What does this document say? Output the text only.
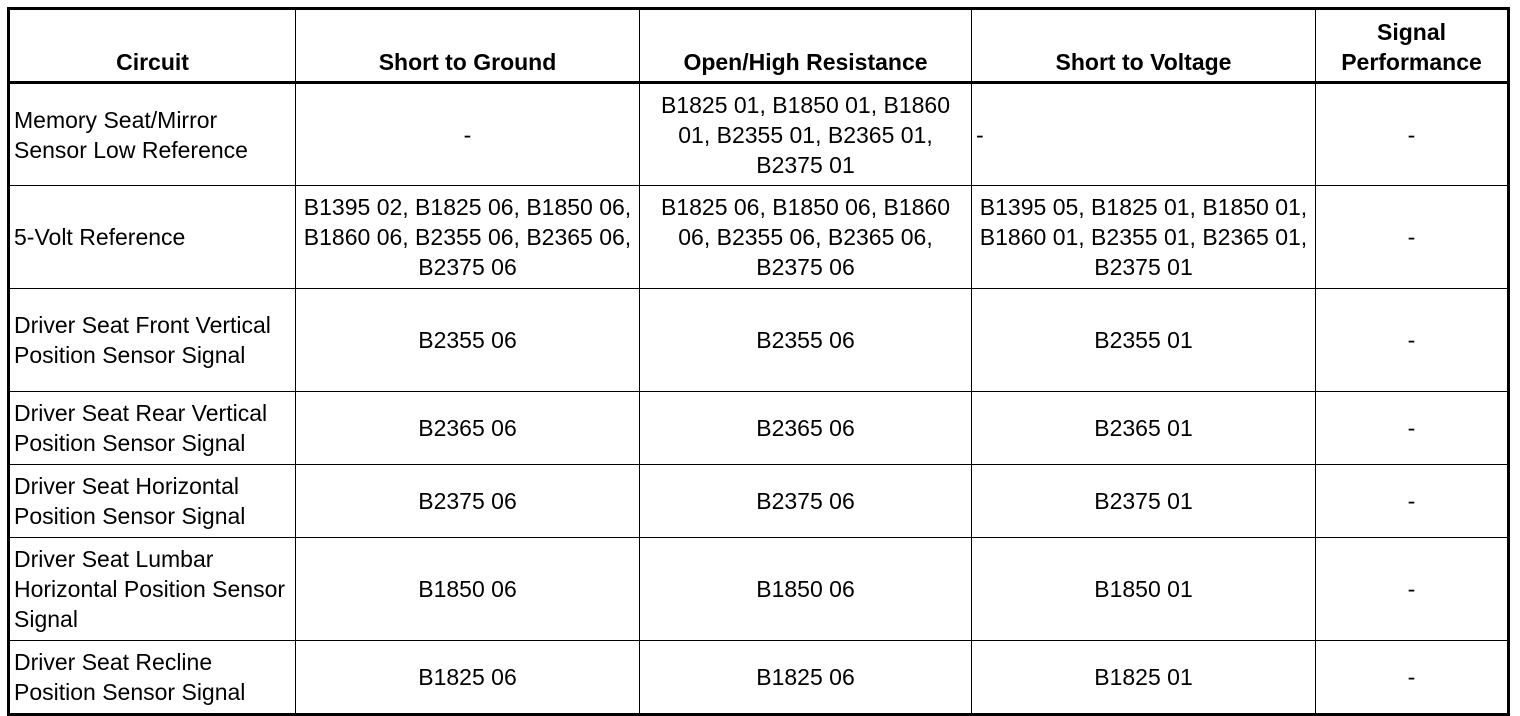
Circuit	Short to Ground	Open/High Resistance	Short to Voltage	Signal Performance
Memory Seat/Mirror Sensor Low Reference	-	B1825 01, B1850 01, B1860 01, B2355 01, B2365 01, B2375 01	-	-
5-Volt Reference	B1395 02, B1825 06, B1850 06, B1860 06, B2355 06, B2365 06, B2375 06	B1825 06, B1850 06, B1860 06, B2355 06, B2365 06, B2375 06	B1395 05, B1825 01, B1850 01, B1860 01, B2355 01, B2365 01, B2375 01	-
Driver Seat Front Vertical Position Sensor Signal	B2355 06	B2355 06	B2355 01	-
Driver Seat Rear Vertical Position Sensor Signal	B2365 06	B2365 06	B2365 01	-
Driver Seat Horizontal Position Sensor Signal	B2375 06	B2375 06	B2375 01	-
Driver Seat Lumbar Horizontal Position Sensor Signal	B1850 06	B1850 06	B1850 01	-
Driver Seat Recline Position Sensor Signal	B1825 06	B1825 06	B1825 01	-
